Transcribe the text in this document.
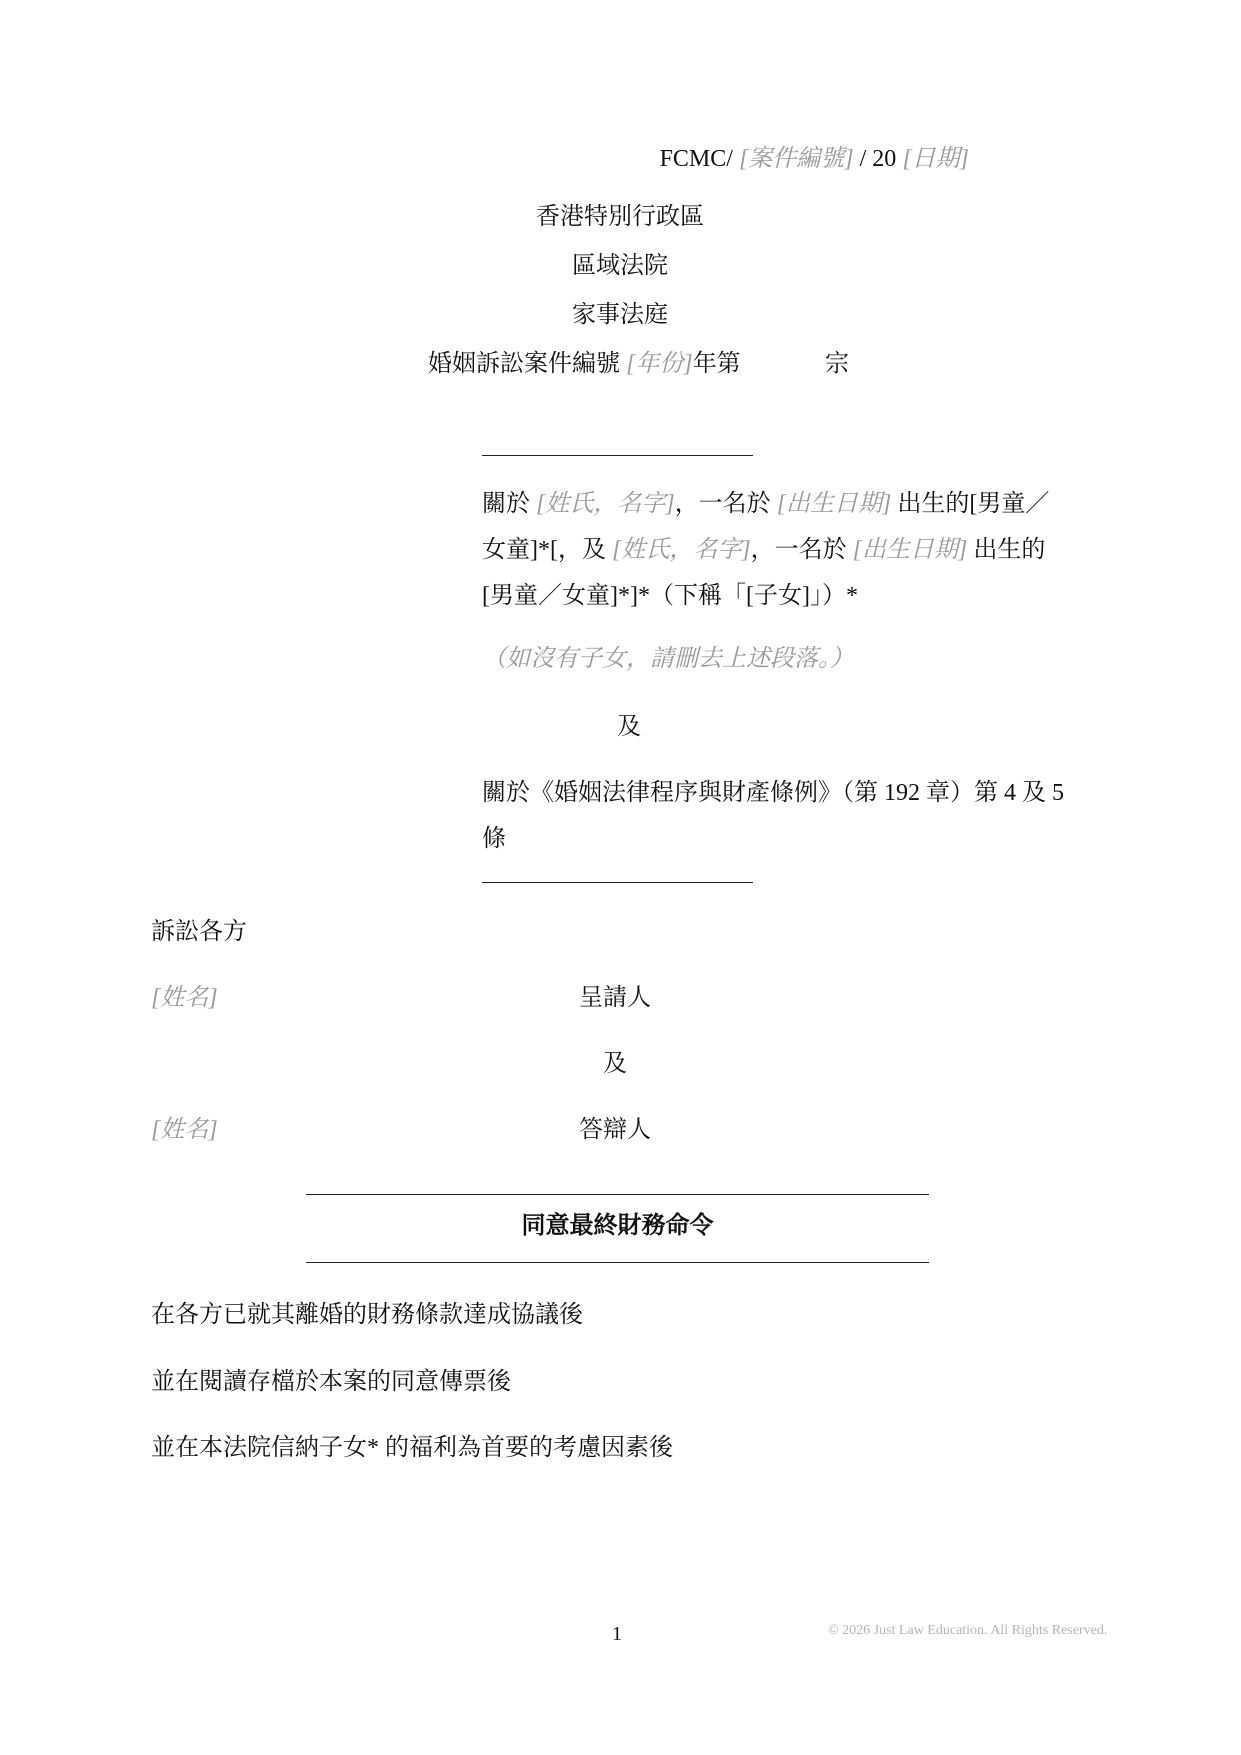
FCMC/ [案件編號] / 20 [日期]
香港特別行政區
區域法院
家事法庭
婚姻訴訟案件編號 [年份]年第	宗
關於 [姓氏，名字]，一名於 [出生日期] 出生的[男童／
女童]*[，及 [姓氏，名字]，一名於 [出生日期] 出生的
[男童／女童]*]*（下稱「[子女]」）*
（如沒有子女，請刪去上述段落。）
及
關於《婚姻法律程序與財產條例》（第 192 章）第 4 及 5 條
訴訟各方
[姓名]	呈請人
及
[姓名]	答辯人
同意最終財務命令
在各方已就其離婚的財務條款達成協議後
並在閱讀存檔於本案的同意傳票後
並在本法院信納子女* 的福利為首要的考慮因素後
1	© 2026 Just Law Education. All Rights Reserved.
